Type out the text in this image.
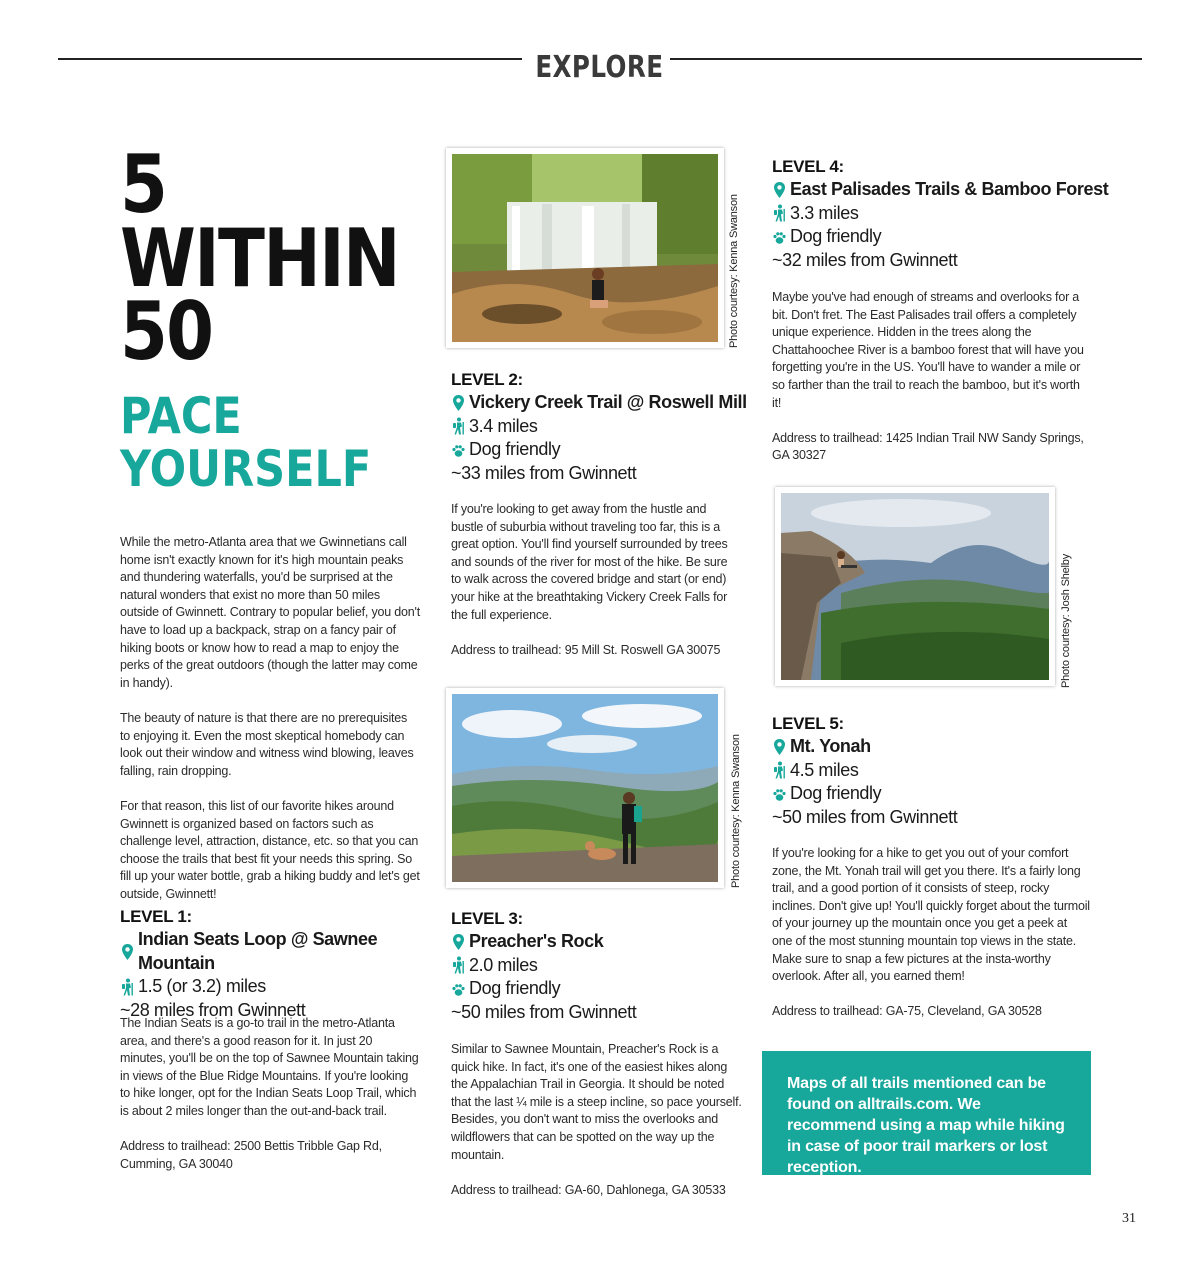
EXPLORE
5
WITHIN
50
PACE
YOURSELF

While the metro-Atlanta area that we Gwinnetians call home isn't exactly known for it's high mountain peaks and thundering waterfalls, you'd be surprised at the natural wonders that exist no more than 50 miles outside of Gwinnett. Contrary to popular belief, you don't have to load up a backpack, strap on a fancy pair of hiking boots or know how to read a map to enjoy the perks of the great outdoors (though the latter may come in handy).

The beauty of nature is that there are no prerequisites to enjoying it. Even the most skeptical homebody can look out their window and witness wind blowing, leaves falling, rain dropping.

For that reason, this list of our favorite hikes around Gwinnett is organized based on factors such as challenge level, attraction, distance, etc. so that you can choose the trails that best fit your needs this spring. So fill up your water bottle, grab a hiking buddy and let's get outside, Gwinnett!

LEVEL 1:
Indian Seats Loop @ Sawnee Mountain
1.5 (or 3.2) miles
~28 miles from Gwinnett

The Indian Seats is a go-to trail in the metro-Atlanta area, and there's a good reason for it. In just 20 minutes, you'll be on the top of Sawnee Mountain taking in views of the Blue Ridge Mountains. If you're looking to hike longer, opt for the Indian Seats Loop Trail, which is about 2 miles longer than the out-and-back trail.

Address to trailhead: 2500 Bettis Tribble Gap Rd, Cumming, GA 30040

Photo courtesy: Kenna Swanson
LEVEL 2:
Vickery Creek Trail @ Roswell Mill
3.4 miles
Dog friendly
~33 miles from Gwinnett

If you're looking to get away from the hustle and bustle of suburbia without traveling too far, this is a great option. You'll find yourself surrounded by trees and sounds of the river for most of the hike. Be sure to walk across the covered bridge and start (or end) your hike at the breathtaking Vickery Creek Falls for the full experience.

Address to trailhead: 95 Mill St. Roswell GA 30075

Photo courtesy: Kenna Swanson
LEVEL 3:
Preacher's Rock
2.0 miles
Dog friendly
~50 miles from Gwinnett

Similar to Sawnee Mountain, Preacher's Rock is a quick hike. In fact, it's one of the easiest hikes along the Appalachian Trail in Georgia. It should be noted that the last ¼ mile is a steep incline, so pace yourself. Besides, you don't want to miss the overlooks and wildflowers that can be spotted on the way up the mountain.

Address to trailhead: GA-60, Dahlonega, GA 30533

LEVEL 4:
East Palisades Trails & Bamboo Forest
3.3 miles
Dog friendly
~32 miles from Gwinnett

Maybe you've had enough of streams and overlooks for a bit. Don't fret. The East Palisades trail offers a completely unique experience. Hidden in the trees along the Chattahoochee River is a bamboo forest that will have you forgetting you're in the US. You'll have to wander a mile or so farther than the trail to reach the bamboo, but it's worth it!

Address to trailhead: 1425 Indian Trail NW Sandy Springs, GA 30327

Photo courtesy: Josh Shelby
LEVEL 5:
Mt. Yonah
4.5 miles
Dog friendly
~50 miles from Gwinnett

If you're looking for a hike to get you out of your comfort zone, the Mt. Yonah trail will get you there. It's a fairly long trail, and a good portion of it consists of steep, rocky inclines. Don't give up! You'll quickly forget about the turmoil of your journey up the mountain once you get a peek at one of the most stunning mountain top views in the state. Make sure to snap a few pictures at the insta-worthy overlook. After all, you earned them!

Address to trailhead: GA-75, Cleveland, GA 30528

Maps of all trails mentioned can be found on alltrails.com. We recommend using a map while hiking in case of poor trail markers or lost reception.
31
